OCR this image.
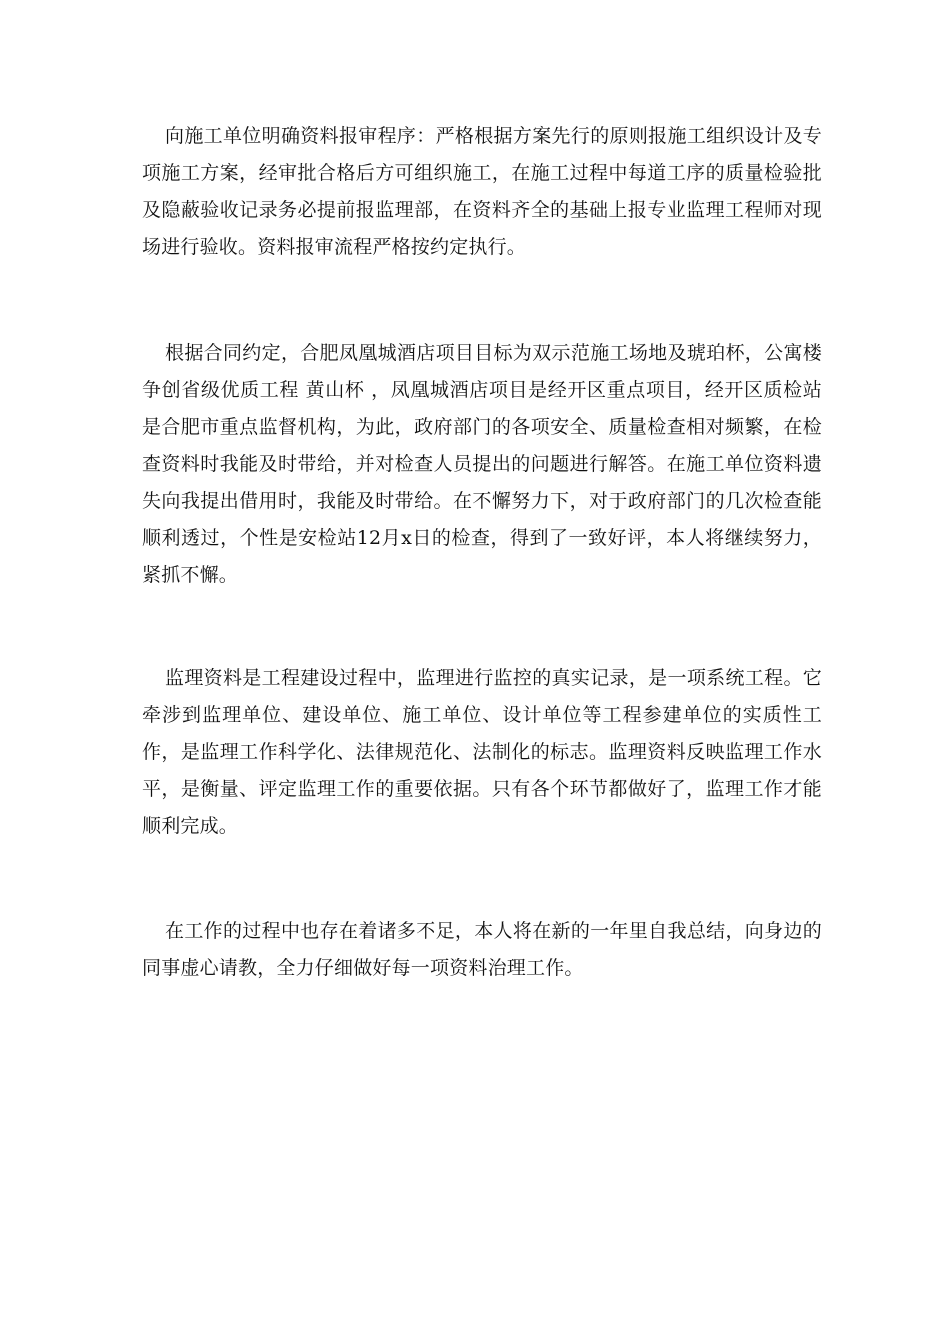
向施工单位明确资料报审程序：严格根据方案先行的原则报施工组织设计及专项施工方案，经审批合格后方可组织施工，在施工过程中每道工序的质量检验批及隐蔽验收记录务必提前报监理部，在资料齐全的基础上报专业监理工程师对现场进行验收。资料报审流程严格按约定执行。

根据合同约定，合肥凤凰城酒店项目目标为双示范施工场地及琥珀杯，公寓楼争创省级优质工程 黄山杯 ，凤凰城酒店项目是经开区重点项目，经开区质检站是合肥市重点监督机构，为此，政府部门的各项安全、质量检查相对频繁，在检查资料时我能及时带给，并对检查人员提出的问题进行解答。在施工单位资料遗失向我提出借用时，我能及时带给。在不懈努力下，对于政府部门的几次检查能顺利透过，个性是安检站12月x日的检查，得到了一致好评，本人将继续努力，紧抓不懈。

监理资料是工程建设过程中，监理进行监控的真实记录，是一项系统工程。它牵涉到监理单位、建设单位、施工单位、设计单位等工程参建单位的实质性工作，是监理工作科学化、法律规范化、法制化的标志。监理资料反映监理工作水平，是衡量、评定监理工作的重要依据。只有各个环节都做好了，监理工作才能顺利完成。

在工作的过程中也存在着诸多不足，本人将在新的一年里自我总结，向身边的同事虚心请教，全力仔细做好每一项资料治理工作。
